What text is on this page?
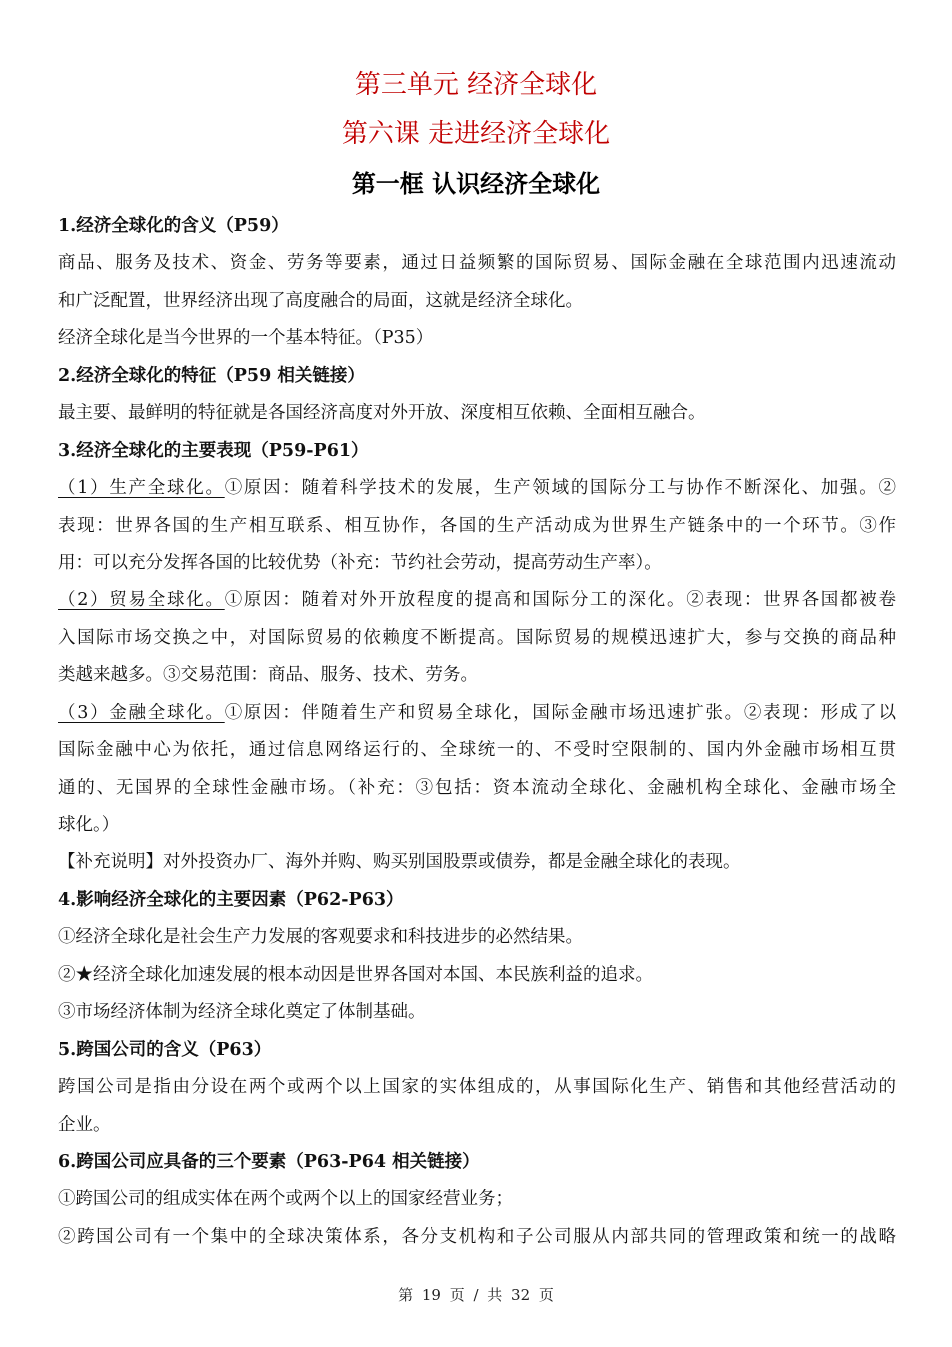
第三单元 经济全球化
第六课 走进经济全球化
第一框 认识经济全球化
1.经济全球化的含义（P59）
商品、服务及技术、资金、劳务等要素，通过日益频繁的国际贸易、国际金融在全球范围内迅速流动
和广泛配置，世界经济出现了高度融合的局面，这就是经济全球化。
经济全球化是当今世界的一个基本特征。（P35）
2.经济全球化的特征（P59 相关链接）
最主要、最鲜明的特征就是各国经济高度对外开放、深度相互依赖、全面相互融合。
3.经济全球化的主要表现（P59-P61）
（1）生产全球化。①原因：随着科学技术的发展，生产领域的国际分工与协作不断深化、加强。②
表现：世界各国的生产相互联系、相互协作，各国的生产活动成为世界生产链条中的一个环节。③作
用：可以充分发挥各国的比较优势（补充：节约社会劳动，提高劳动生产率）。
（2）贸易全球化。①原因：随着对外开放程度的提高和国际分工的深化。②表现：世界各国都被卷
入国际市场交换之中，对国际贸易的依赖度不断提高。国际贸易的规模迅速扩大，参与交换的商品种
类越来越多。③交易范围：商品、服务、技术、劳务。
（3）金融全球化。①原因：伴随着生产和贸易全球化，国际金融市场迅速扩张。②表现：形成了以
国际金融中心为依托，通过信息网络运行的、全球统一的、不受时空限制的、国内外金融市场相互贯
通的、无国界的全球性金融市场。（补充：③包括：资本流动全球化、金融机构全球化、金融市场全
球化。）
【补充说明】对外投资办厂、海外并购、购买别国股票或债券，都是金融全球化的表现。
4.影响经济全球化的主要因素（P62-P63）
①经济全球化是社会生产力发展的客观要求和科技进步的必然结果。
②★经济全球化加速发展的根本动因是世界各国对本国、本民族利益的追求。
③市场经济体制为经济全球化奠定了体制基础。
5.跨国公司的含义（P63）
跨国公司是指由分设在两个或两个以上国家的实体组成的，从事国际化生产、销售和其他经营活动的
企业。
6.跨国公司应具备的三个要素（P63-P64 相关链接）
①跨国公司的组成实体在两个或两个以上的国家经营业务；
②跨国公司有一个集中的全球决策体系，各分支机构和子公司服从内部共同的管理政策和统一的战略
第 19 页 / 共 32 页
